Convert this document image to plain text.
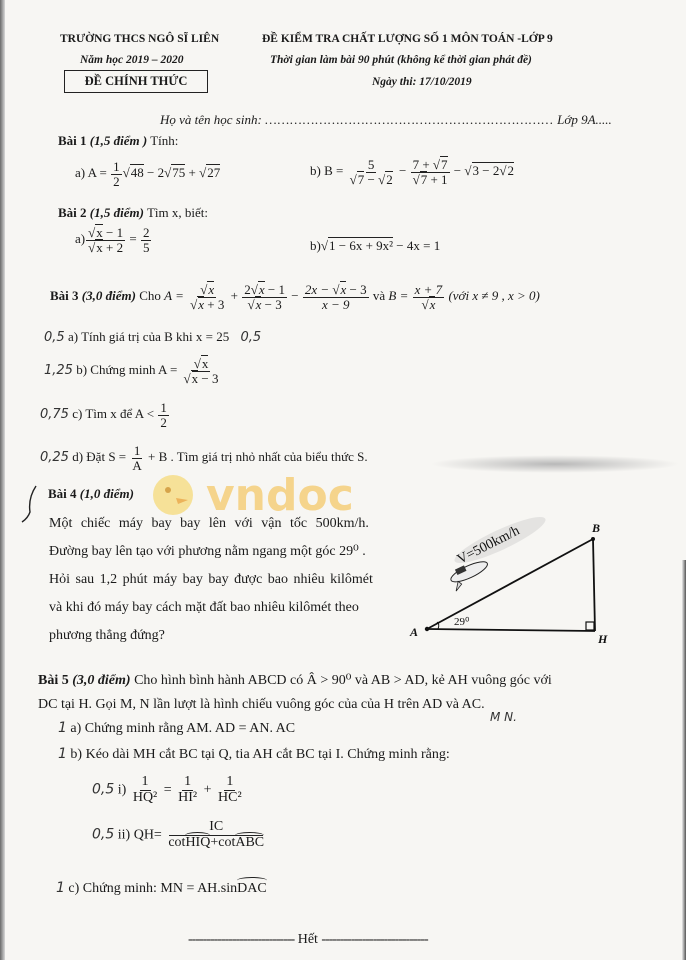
TRƯỜNG THCS NGÔ SĨ LIÊN
Năm học 2019 – 2020
ĐỀ CHÍNH THỨC
ĐỀ KIỂM TRA CHẤT LƯỢNG SỐ 1 MÔN TOÁN -LỚP 9
Thời gian làm bài 90 phút (không kể thời gian phát đề)
Ngày thi: 17/10/2019
Họ và tên học sinh: …………………………………………………………… Lớp 9A.....
Bài 1 (1,5 điểm ) Tính:
a) $A = \frac{1}{2}$ √ 48 − 2 √ 75 + √ 27	b) B = 5
√ 7 − √ 2 − 7 + √ 7
√ 7 + 1 − √ 3 − 2 √ 2
Bài 2 (1,5 điểm) Tìm x, biết:
a) √ x − 1
√ $x + 2 = \frac{2}{5}$	b) √ 1 − 6x + 9x² − 4x = 1
Bài 3 (3,0 điểm) Cho A = √ x
√ x + 3 + 2 √ x − 1
√ $x - 3 - \frac{2x - √ x - 3}{x - 9}$ và B = x + 7
√ x (với x ≠ 9 , x > 0)
0,5 a) Tính giá trị của B khi x = 25 0,5
1,25 b) Chứng minh A = √ x
√ x − 3
0,75 c) Tìm x để $A < \frac{1}{2}$
0,25 d) Đặt $S = \frac{1}{A} + B$ . Tìm giá trị nhỏ nhất của biểu thức S.
vndoc
Bài 4 (1,0 điểm)
Một chiếc máy bay bay lên với vận tốc 500km/h.
Đường bay lên tạo với phương nằm ngang một góc 29⁰ .
Hỏi sau 1,2 phút máy bay bay được bao nhiêu kilômét
và khi đó máy bay cách mặt đất bao nhiêu kilômét theo
phương thẳng đứng?
V=500km/h
29⁰
A
B
H
Bài 5 (3,0 điểm) Cho hình bình hành ABCD có Â > 90⁰ và AB > AD, kẻ AH vuông góc với
DC tại H. Gọi M, N lần lượt là hình chiếu vuông góc của của H trên AD và AC.
M N.
1 a) Chứng minh rằng AM. AD = AN. AC
1 b) Kéo dài MH cắt BC tại Q, tia AH cắt BC tại I. Chứng minh rằng:
0,5 $i) \frac{1}{\text{HQ²}} = \frac{1}{\text{HI²}} + \frac{1}{\text{HC²}}$
0,5 ii) $QH= \frac{IC}{\text{cotHIQ+cotABC}}$
1 c) Chứng minh: MN = AH.sinDAC
----------------------------- Hết -----------------------------
